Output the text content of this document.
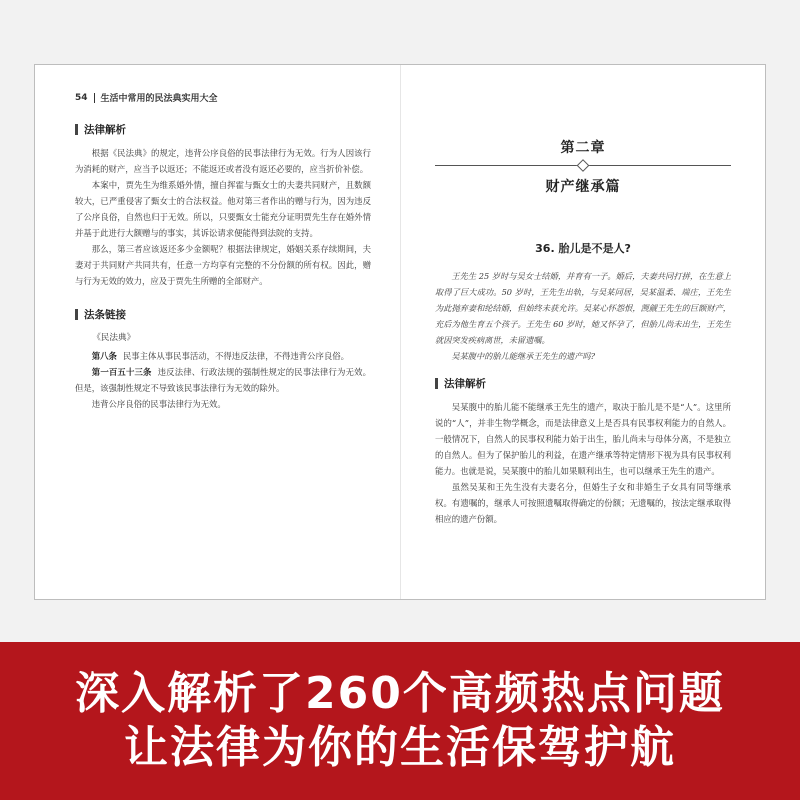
54 生活中常用的民法典实用大全
法律解析

根据《民法典》的规定，违背公序良俗的民事法律行为无效。行为人因该行为消耗的财产，应当予以返还；不能返还或者没有返还必要的，应当折价补偿。

本案中，贾先生为维系婚外情，擅自挥霍与甄女士的夫妻共同财产，且数额较大，已严重侵害了甄女士的合法权益。他对第三者作出的赠与行为，因为违反了公序良俗，自然也归于无效。所以，只要甄女士能充分证明贾先生存在婚外情并基于此进行大额赠与的事实，其诉讼请求便能得到法院的支持。

那么，第三者应该返还多少金额呢？根据法律规定，婚姻关系存续期间，夫妻对于共同财产共同共有，任意一方均享有完整的不分份额的所有权。因此，赠与行为无效的效力，应及于贾先生所赠的全部财产。

法条链接

《民法典》

第八条 民事主体从事民事活动，不得违反法律，不得违背公序良俗。

第一百五十三条 违反法律、行政法规的强制性规定的民事法律行为无效。但是，该强制性规定不导致该民事法律行为无效的除外。

违背公序良俗的民事法律行为无效。

第二章
财产继承篇
36. 胎儿是不是人?

王先生 25 岁时与吴女士结婚，并育有一子。婚后，夫妻共同打拼，在生意上取得了巨大成功。50 岁时，王先生出轨，与吴某同居，吴某温柔、端庄，王先生为此抛弃妻和纶结婚，但始终未获允许。吴某心怀怨恨，觊觎王先生的巨额财产，充后为他生育五个孩子。王先生 60 岁时，她又怀孕了，但胎儿尚未出生，王先生就因突发疾病离世，未留遗嘱。

吴某腹中的胎儿能继承王先生的遗产吗?

法律解析

吴某腹中的胎儿能不能继承王先生的遗产，取决于胎儿是不是“人”。这里所说的“人”，并非生物学概念，而是法律意义上是否具有民事权利能力的自然人。一般情况下，自然人的民事权利能力始于出生，胎儿尚未与母体分离，不是独立的自然人。但为了保护胎儿的利益，在遗产继承等特定情形下视为具有民事权利能力。也就是说，吴某腹中的胎儿如果顺利出生，也可以继承王先生的遗产。

虽然吴某和王先生没有夫妻名分，但婚生子女和非婚生子女具有同等继承权。有遗嘱的，继承人可按照遗嘱取得确定的份额；无遗嘱的，按法定继承取得相应的遗产份额。

深入解析了260个高频热点问题
让法律为你的生活保驾护航
